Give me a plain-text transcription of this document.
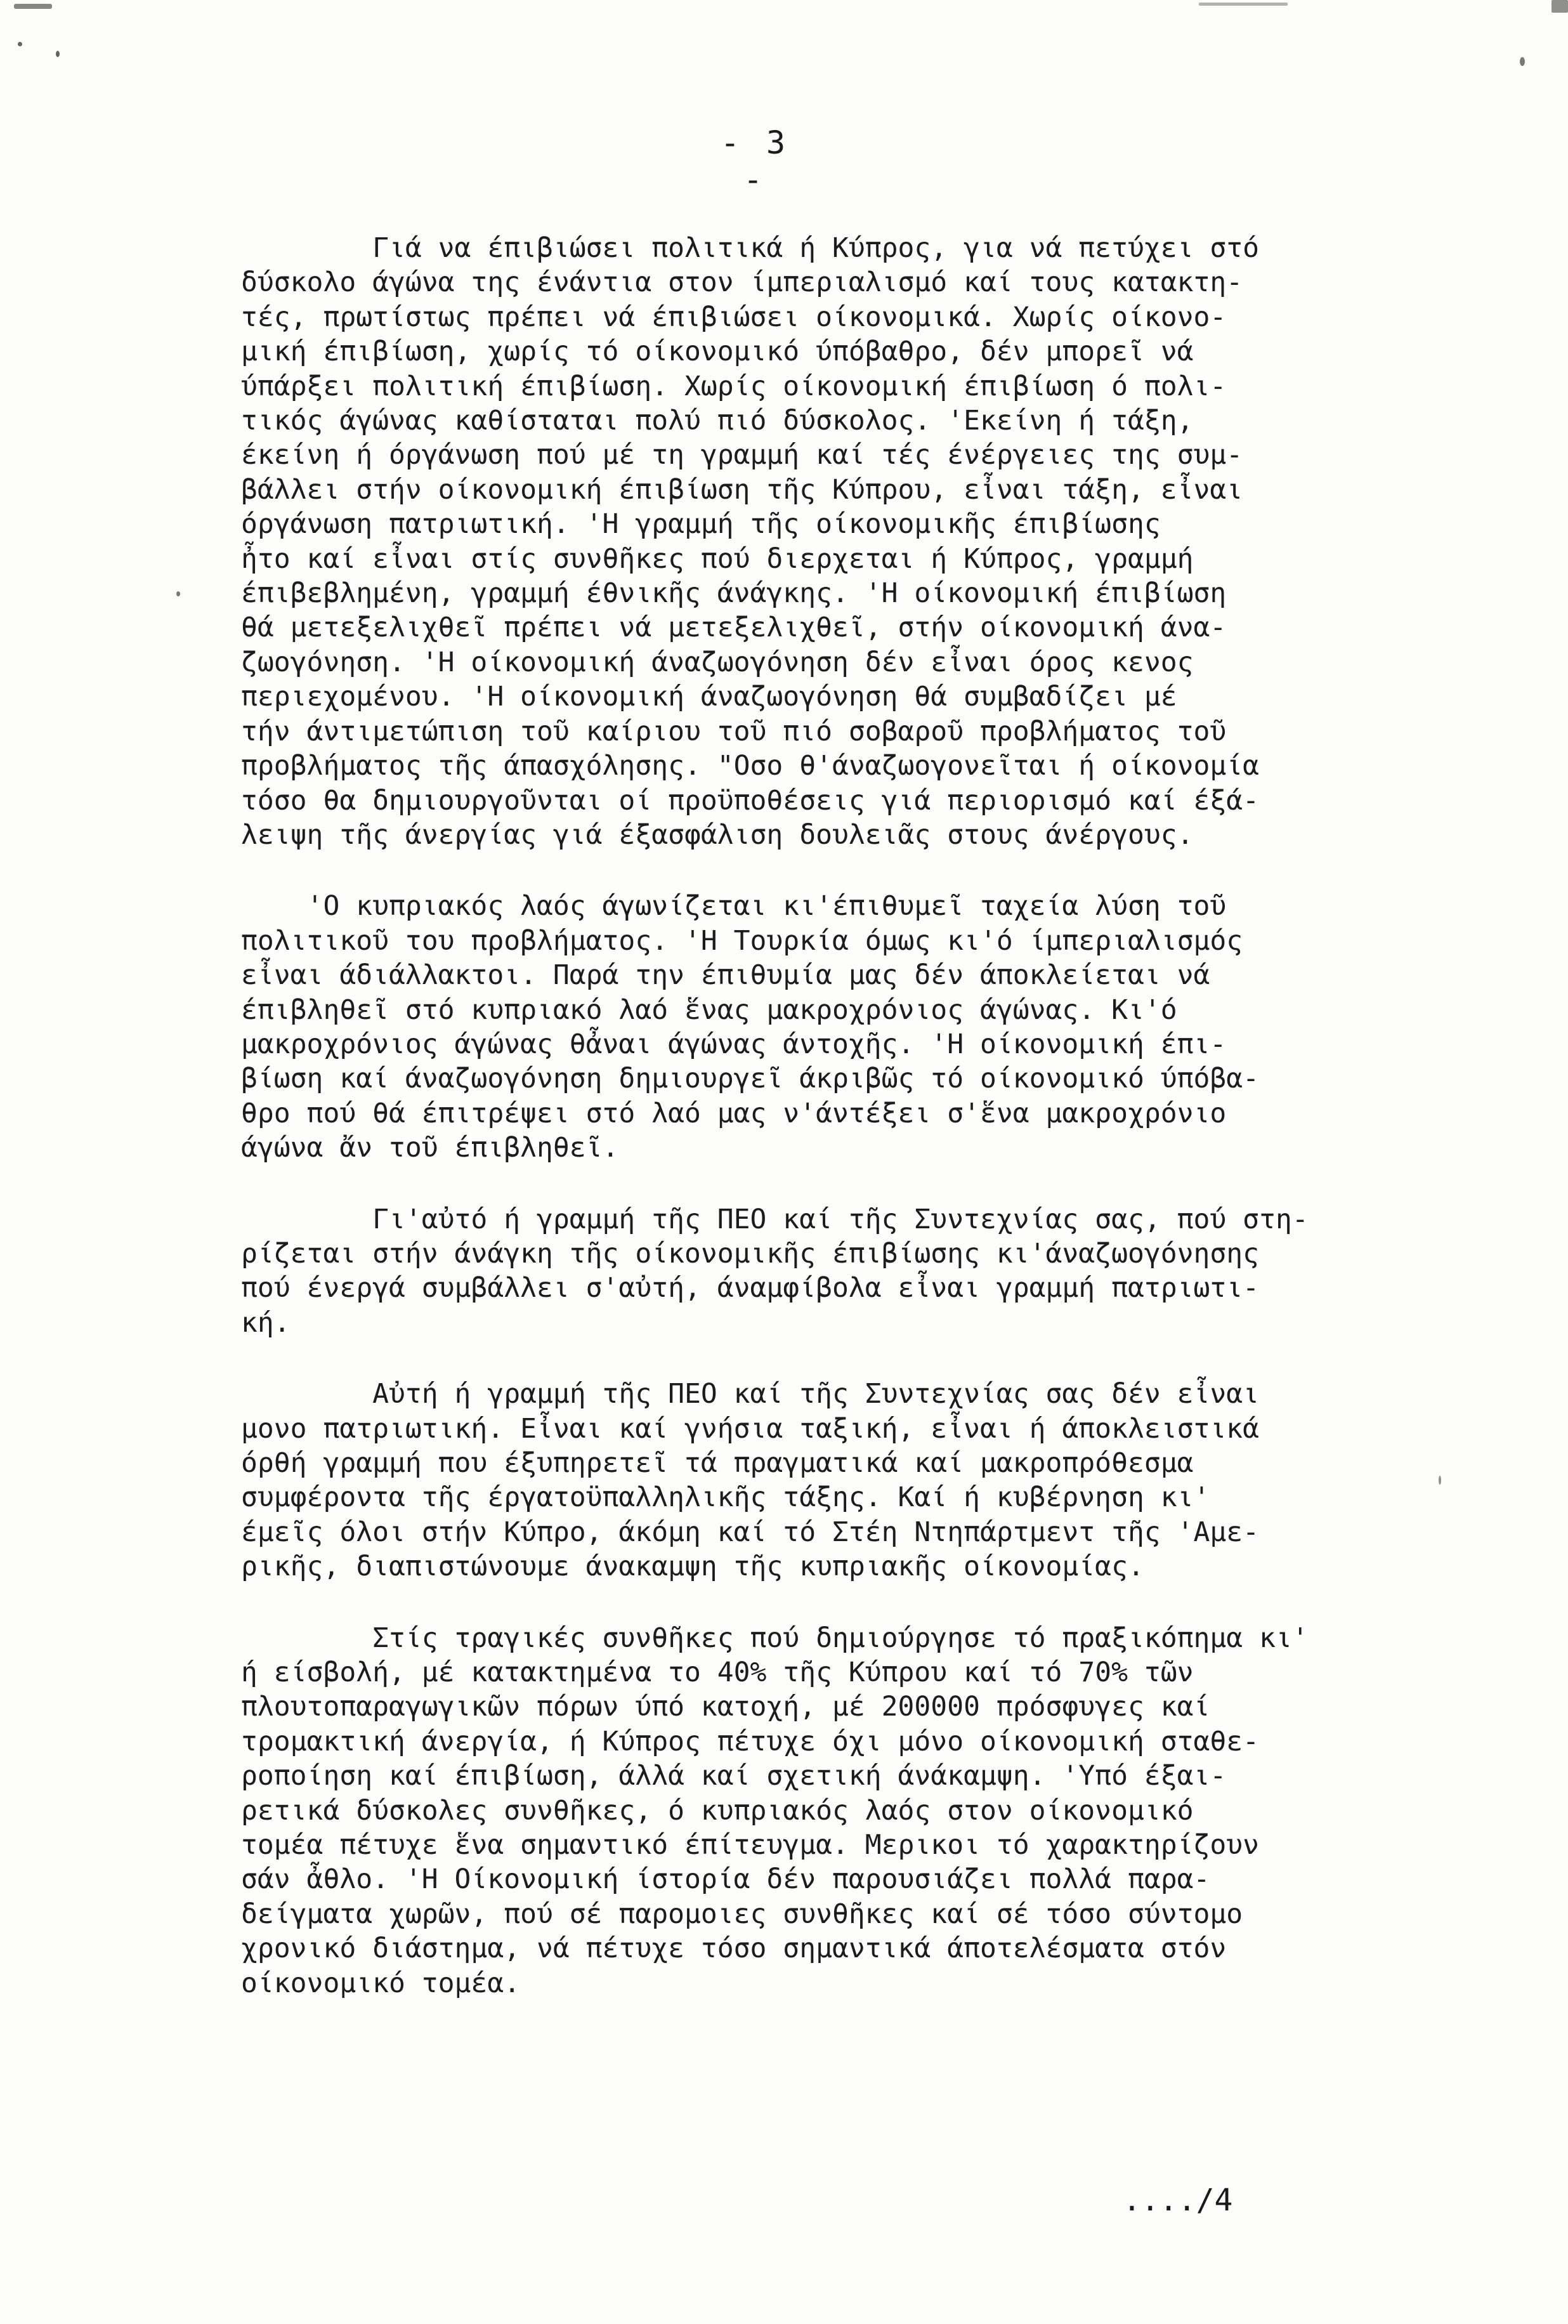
- 3 -
Γιά να έπιβιώσει πολιτικά ή Κύπρος, για νά πετύχει στό
δύσκολο άγώνα της ένάντια στον ίμπεριαλισμό καί τους κατακτη-
τές, πρωτίστως πρέπει νά έπιβιώσει οίκονομικά. Χωρίς οίκονο-
μική έπιβίωση, χωρίς τό οίκονομικό ύπόβαθρο, δέν μπορεῖ νά
ύπάρξει πολιτική έπιβίωση. Χωρίς οίκονομική έπιβίωση ό πολι-
τικός άγώνας καθίσταται πολύ πιό δύσκολος. 'Εκείνη ή τάξη,
έκείνη ή όργάνωση πού μέ τη γραμμή καί τές ένέργειες της συμ-
βάλλει στήν οίκονομική έπιβίωση τῆς Κύπρου, εἶναι τάξη, εἶναι
όργάνωση πατριωτική. 'Η γραμμή τῆς οίκονομικῆς έπιβίωσης
ἦτο καί εἶναι στίς συνθῆκες πού διερχεται ή Κύπρος, γραμμή
έπιβεβλημένη, γραμμή έθνικῆς άνάγκης. 'Η οίκονομική έπιβίωση
θά μετεξελιχθεῖ πρέπει νά μετεξελιχθεῖ, στήν οίκονομική άνα-
ζωογόνηση. 'Η οίκονομική άναζωογόνηση δέν εἶναι όρος κενος
περιεχομένου. 'Η οίκονομική άναζωογόνηση θά συμβαδίζει μέ
τήν άντιμετώπιση τοῦ καίριου τοῦ πιό σοβαροῦ προβλήματος τοῦ
προβλήματος τῆς άπασχόλησης. "Οσο θ'άναζωογονεῖται ή οίκονομία
τόσο θα δημιουργοῦνται οί προϋποθέσεις γιά περιορισμό καί έξά-
λειψη τῆς άνεργίας γιά έξασφάλιση δουλειᾶς στους άνέργους.
'Ο κυπριακός λαός άγωνίζεται κι'έπιθυμεῖ ταχεία λύση τοῦ
πολιτικοῦ του προβλήματος. 'Η Τουρκία όμως κι'ό ίμπεριαλισμός
εἶναι άδιάλλακτοι. Παρά την έπιθυμία μας δέν άποκλείεται νά
έπιβληθεῖ στό κυπριακό λαό ἕνας μακροχρόνιος άγώνας. Κι'ό
μακροχρόνιος άγώνας θἆναι άγώνας άντοχῆς. 'Η οίκονομική έπι-
βίωση καί άναζωογόνηση δημιουργεῖ άκριβῶς τό οίκονομικό ύπόβα-
θρο πού θά έπιτρέψει στό λαό μας ν'άντέξει σ'ἕνα μακροχρόνιο
άγώνα ἄν τοῦ έπιβληθεῖ.
Γι'αὐτό ή γραμμή τῆς ΠΕΟ καί τῆς Συντεχνίας σας, πού στη-
ρίζεται στήν άνάγκη τῆς οίκονομικῆς έπιβίωσης κι'άναζωογόνησης
πού ένεργά συμβάλλει σ'αὐτή, άναμφίβολα εἶναι γραμμή πατριωτι-
κή.
Αὐτή ή γραμμή τῆς ΠΕΟ καί τῆς Συντεχνίας σας δέν εἶναι
μονο πατριωτική. Εἶναι καί γνήσια ταξική, εἶναι ή άποκλειστικά
όρθή γραμμή που έξυπηρετεῖ τά πραγματικά καί μακροπρόθεσμα
συμφέροντα τῆς έργατοϋπαλληλικῆς τάξης. Καί ή κυβέρνηση κι'
έμεῖς όλοι στήν Κύπρο, άκόμη καί τό Στέη Ντηπάρτμεντ τῆς 'Αμε-
ρικῆς, διαπιστώνουμε άνακαμψη τῆς κυπριακῆς οίκονομίας.
Στίς τραγικές συνθῆκες πού δημιούργησε τό πραξικόπημα κι'
ή είσβολή, μέ κατακτημένα το 40% τῆς Κύπρου καί τό 70% τῶν
πλουτοπαραγωγικῶν πόρων ύπό κατοχή, μέ 200000 πρόσφυγες καί
τρομακτική άνεργία, ή Κύπρος πέτυχε όχι μόνο οίκονομική σταθε-
ροποίηση καί έπιβίωση, άλλά καί σχετική άνάκαμψη. 'Υπό έξαι-
ρετικά δύσκολες συνθῆκες, ό κυπριακός λαός στον οίκονομικό
τομέα πέτυχε ἕνα σημαντικό έπίτευγμα. Μερικοι τό χαρακτηρίζουν
σάν ἆθλο. 'Η Οίκονομική ίστορία δέν παρουσιάζει πολλά παρα-
δείγματα χωρῶν, πού σέ παρομοιες συνθῆκες καί σέ τόσο σύντομο
χρονικό διάστημα, νά πέτυχε τόσο σημαντικά άποτελέσματα στόν
οίκονομικό τομέα.
..../4
